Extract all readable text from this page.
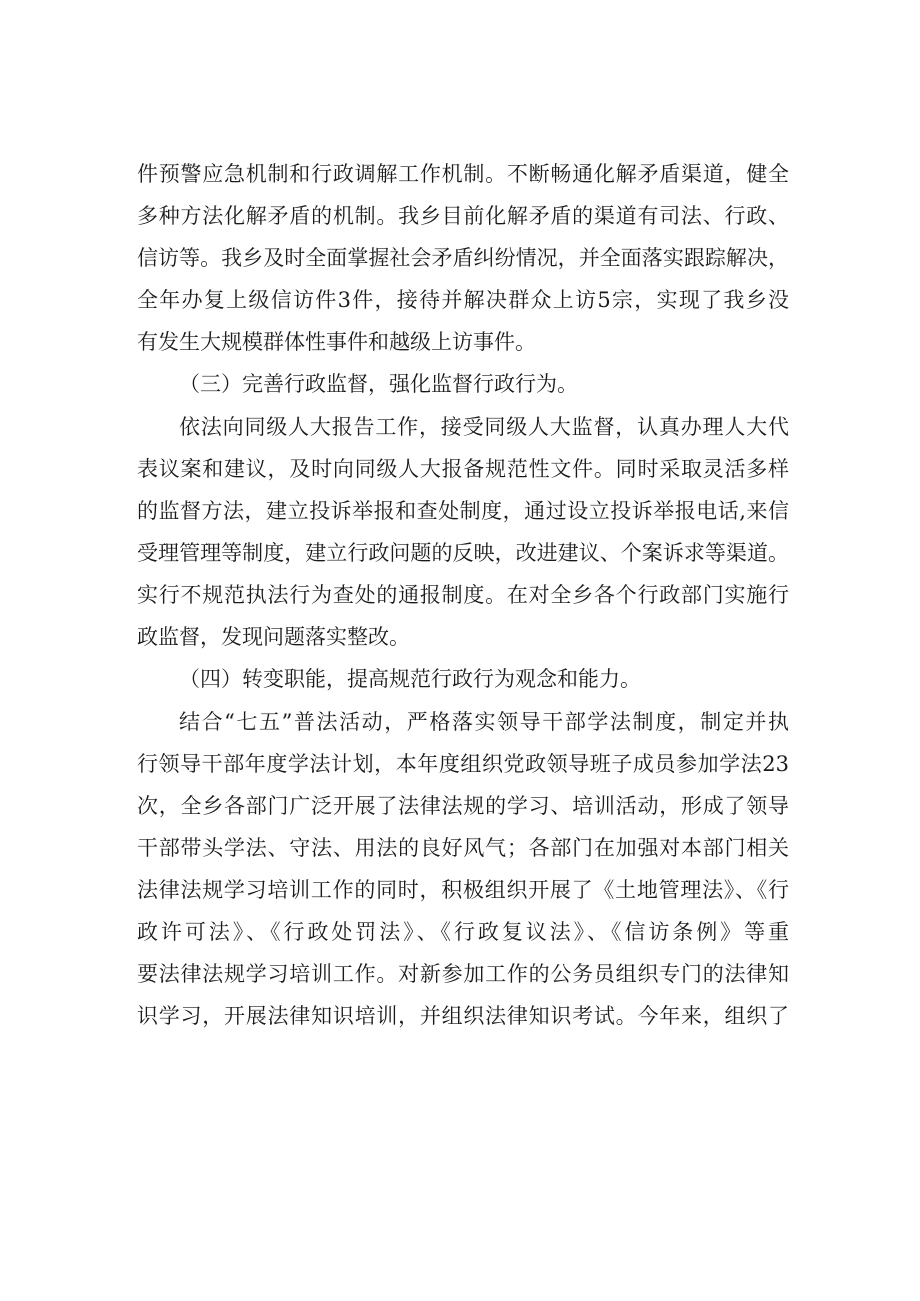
件预警应急机制和行政调解工作机制。不断畅通化解矛盾渠道，健全
多种方法化解矛盾的机制。我乡目前化解矛盾的渠道有司法、行政、
信访等。我乡及时全面掌握社会矛盾纠纷情况，并全面落实跟踪解决，
全年办复上级信访件3件，接待并解决群众上访5宗，实现了我乡没
有发生大规模群体性事件和越级上访事件。
（三）完善行政监督，强化监督行政行为。
依法向同级人大报告工作，接受同级人大监督，认真办理人大代
表议案和建议，及时向同级人大报备规范性文件。同时采取灵活多样
的监督方法，建立投诉举报和查处制度，通过设立投诉举报电话,来信
受理管理等制度，建立行政问题的反映，改进建议、个案诉求等渠道。
实行不规范执法行为查处的通报制度。在对全乡各个行政部门实施行
政监督，发现问题落实整改。
（四）转变职能，提高规范行政行为观念和能力。
结合“七五”普法活动，严格落实领导干部学法制度，制定并执
行领导干部年度学法计划，本年度组织党政领导班子成员参加学法23
次，全乡各部门广泛开展了法律法规的学习、培训活动，形成了领导
干部带头学法、守法、用法的良好风气；各部门在加强对本部门相关
法律法规学习培训工作的同时，积极组织开展了《土地管理法》、《行
政许可法》、《行政处罚法》、《行政复议法》、《信访条例》等重
要法律法规学习培训工作。对新参加工作的公务员组织专门的法律知
识学习，开展法律知识培训，并组织法律知识考试。今年来，组织了
